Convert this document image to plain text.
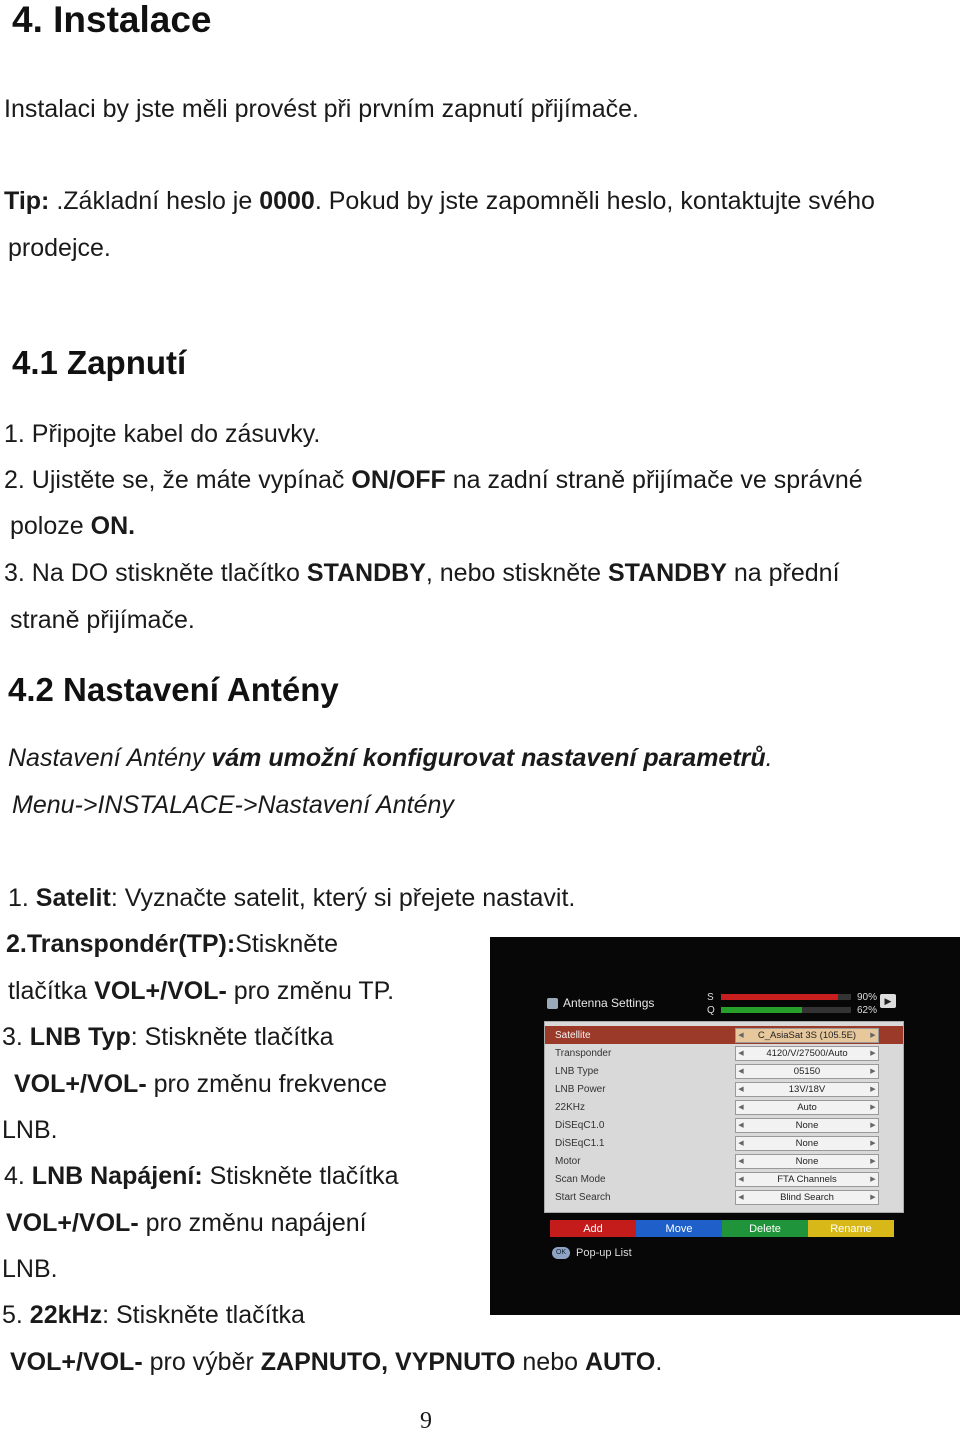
4. Instalace
Instalaci by jste měli provést při prvním zapnutí přijímače.
Tip: .Základní heslo je 0000. Pokud by jste zapomněli heslo, kontaktujte svého
prodejce.
4.1 Zapnutí
1. Připojte kabel do zásuvky.
2. Ujistěte se, že máte vypínač ON/OFF na zadní straně přijímače ve správné
poloze ON.
3. Na DO stiskněte tlačítko STANDBY, nebo stiskněte STANDBY na přední
straně přijímače.
4.2 Nastavení Antény
Nastavení Antény vám umožní konfigurovat nastavení parametrů.
Menu->INSTALACE->Nastavení Antény
1. Satelit: Vyznačte satelit, který si přejete nastavit.
2.Transpondér(TP):Stiskněte
tlačítka VOL+/VOL- pro změnu TP.
3. LNB Typ: Stiskněte tlačítka
VOL+/VOL- pro změnu frekvence
LNB.
4. LNB Napájení: Stiskněte tlačítka
VOL+/VOL- pro změnu napájení
LNB.
5. 22kHz: Stiskněte tlačítka
VOL+/VOL- pro výběr ZAPNUTO, VYPNUTO nebo AUTO.
Antenna Settings	S	90%
Q	62%
▶
Satellite	◀ C_AsiaSat 3S (105.5E)	▶
Transponder	◀ 4120/V/27500/Auto	▶
LNB Type	◀	05150	▶
LNB Power	◀	13V/18V	▶
22KHz	◀	Auto	▶
DiSEqC1.0	◀	None	▶
DiSEqC1.1	◀	None	▶
Motor	◀	None	▶
Scan Mode	◀	FTA Channels	▶
Start Search	◀	Blind Search	▶
Add	Move	Delete	Rename
OK Pop-up List
9
